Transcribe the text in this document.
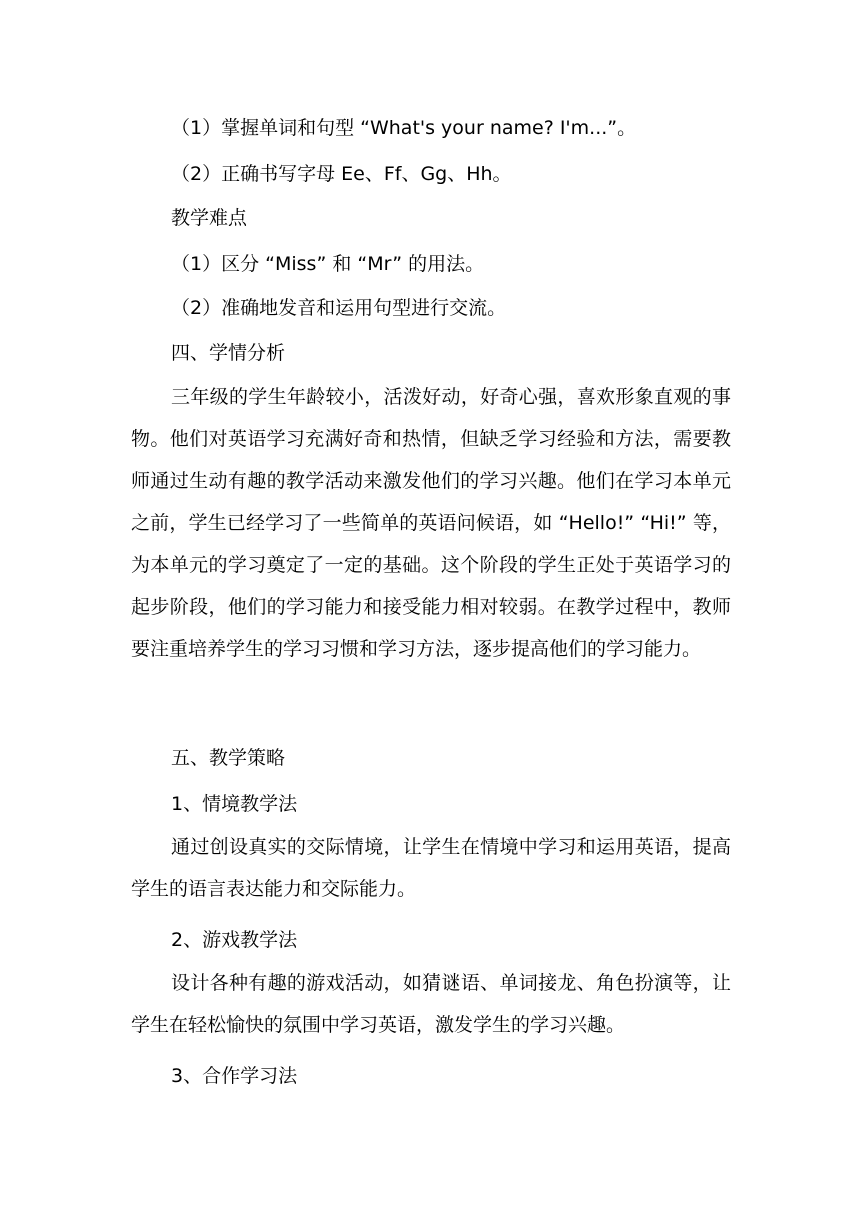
（1）掌握单词和句型 “What's your name? I'm...”。
（2）正确书写字母 Ee、Ff、Gg、Hh。
教学难点
（1）区分 “Miss” 和 “Mr” 的用法。
（2）准确地发音和运用句型进行交流。
四、学情分析
三年级的学生年龄较小，活泼好动，好奇心强，喜欢形象直观的事物。他们对英语学习充满好奇和热情，但缺乏学习经验和方法，需要教师通过生动有趣的教学活动来激发他们的学习兴趣。他们在学习本单元之前，学生已经学习了一些简单的英语问候语，如 “Hello!” “Hi!” 等，为本单元的学习奠定了一定的基础。这个阶段的学生正处于英语学习的起步阶段，他们的学习能力和接受能力相对较弱。在教学过程中，教师要注重培养学生的学习习惯和学习方法，逐步提高他们的学习能力。
五、教学策略
1、情境教学法
通过创设真实的交际情境，让学生在情境中学习和运用英语，提高学生的语言表达能力和交际能力。
2、游戏教学法
设计各种有趣的游戏活动，如猜谜语、单词接龙、角色扮演等，让学生在轻松愉快的氛围中学习英语，激发学生的学习兴趣。
3、合作学习法
